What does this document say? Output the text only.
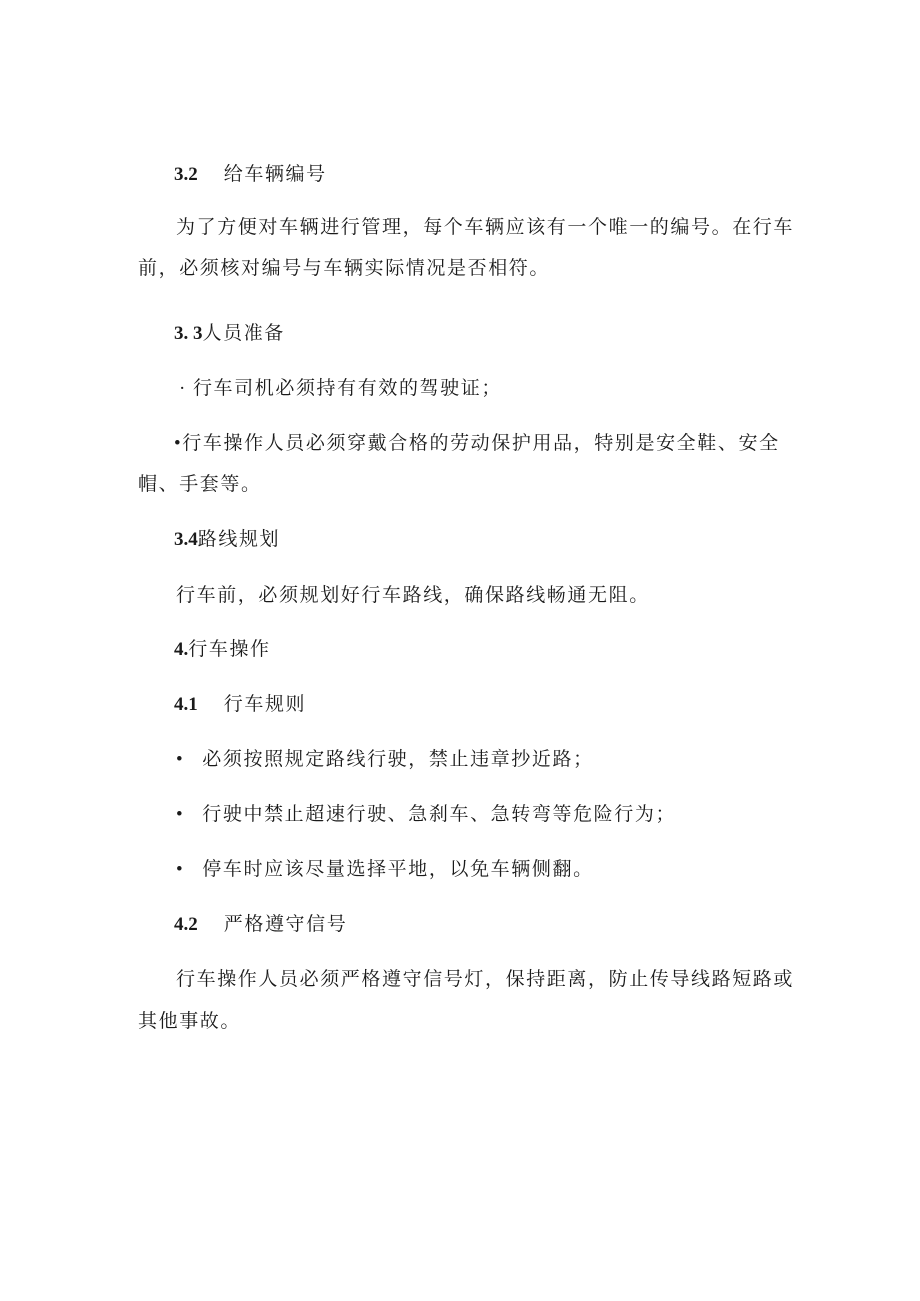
3.2 给车辆编号
为了方便对车辆进行管理，每个车辆应该有一个唯一的编号。在行车
前，必须核对编号与车辆实际情况是否相符。
3. 3人员准备
· 行车司机必须持有有效的驾驶证；
•行车操作人员必须穿戴合格的劳动保护用品，特别是安全鞋、安全
帽、手套等。
3.4路线规划
行车前，必须规划好行车路线，确保路线畅通无阻。
4.行车操作
4.1 行车规则
• 必须按照规定路线行驶，禁止违章抄近路；
• 行驶中禁止超速行驶、急刹车、急转弯等危险行为；
• 停车时应该尽量选择平地，以免车辆侧翻。
4.2 严格遵守信号
行车操作人员必须严格遵守信号灯，保持距离，防止传导线路短路或
其他事故。
